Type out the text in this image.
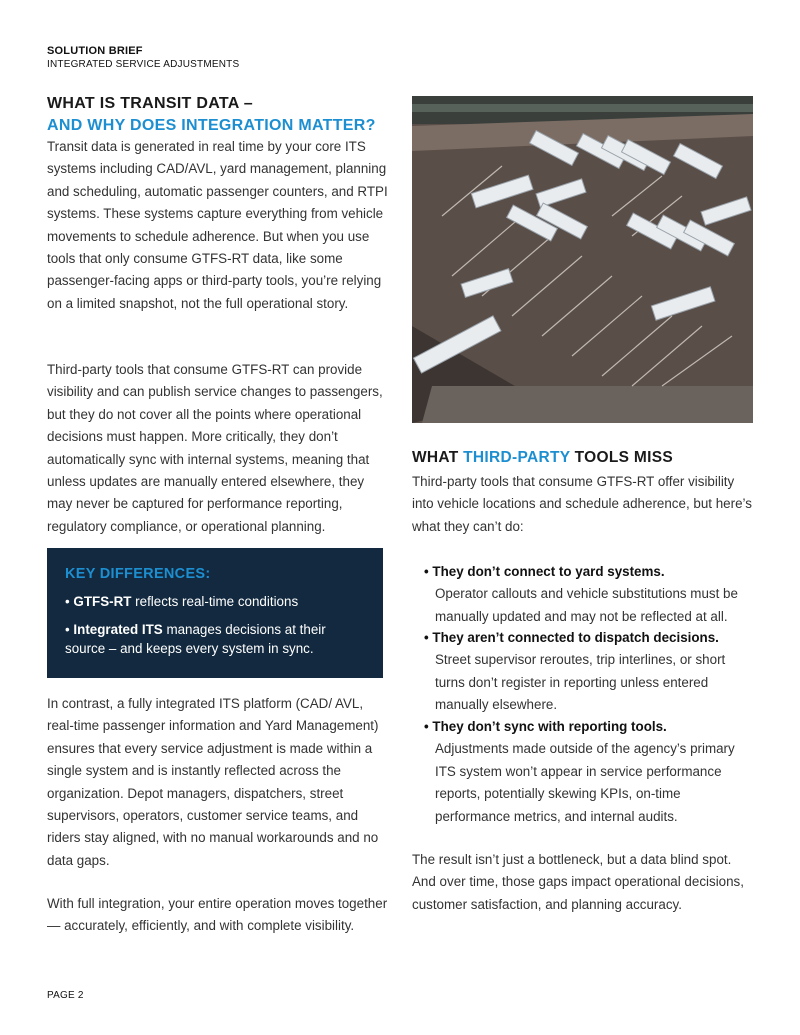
SOLUTION BRIEF
INTEGRATED SERVICE ADJUSTMENTS
WHAT IS TRANSIT DATA –
AND WHY DOES INTEGRATION MATTER?

Transit data is generated in real time by your core ITS systems including CAD/AVL, yard management, planning and scheduling, automatic passenger counters, and RTPI systems. These systems capture everything from vehicle movements to schedule adherence. But when you use tools that only consume GTFS-RT data, like some passenger-facing apps or third-party tools, you’re relying on a limited snapshot, not the full operational story.

Third-party tools that consume GTFS-RT can provide visibility and can publish service changes to passengers, but they do not cover all the points where operational decisions must happen. More critically, they don’t automatically sync with internal systems, meaning that unless updates are manually entered elsewhere, they may never be captured for performance reporting, regulatory compliance, or operational planning.

KEY DIFFERENCES:
• GTFS-RT reflects real-time conditions
• Integrated ITS manages decisions at their source – and keeps every system in sync.

In contrast, a fully integrated ITS platform (CAD/ AVL, real-time passenger information and Yard Management) ensures that every service adjustment is made within a single system and is instantly reflected across the organization. Depot managers, dispatchers, street supervisors, operators, customer service teams, and riders stay aligned, with no manual workarounds and no data gaps.

With full integration, your entire operation moves together — accurately, efficiently, and with complete visibility.

WHAT THIRD-PARTY TOOLS MISS

Third-party tools that consume GTFS-RT offer visibility into vehicle locations and schedule adherence, but here’s what they can’t do:

• They don’t connect to yard systems.
Operator callouts and vehicle substitutions must be manually updated and may not be reflected at all.
• They aren’t connected to dispatch decisions.
Street supervisor reroutes, trip interlines, or short turns don’t register in reporting unless entered manually elsewhere.
• They don’t sync with reporting tools.
Adjustments made outside of the agency’s primary ITS system won’t appear in service performance reports, potentially skewing KPIs, on-time performance metrics, and internal audits.

The result isn’t just a bottleneck, but a data blind spot. And over time, those gaps impact operational decisions, customer satisfaction, and planning accuracy.

PAGE 2
